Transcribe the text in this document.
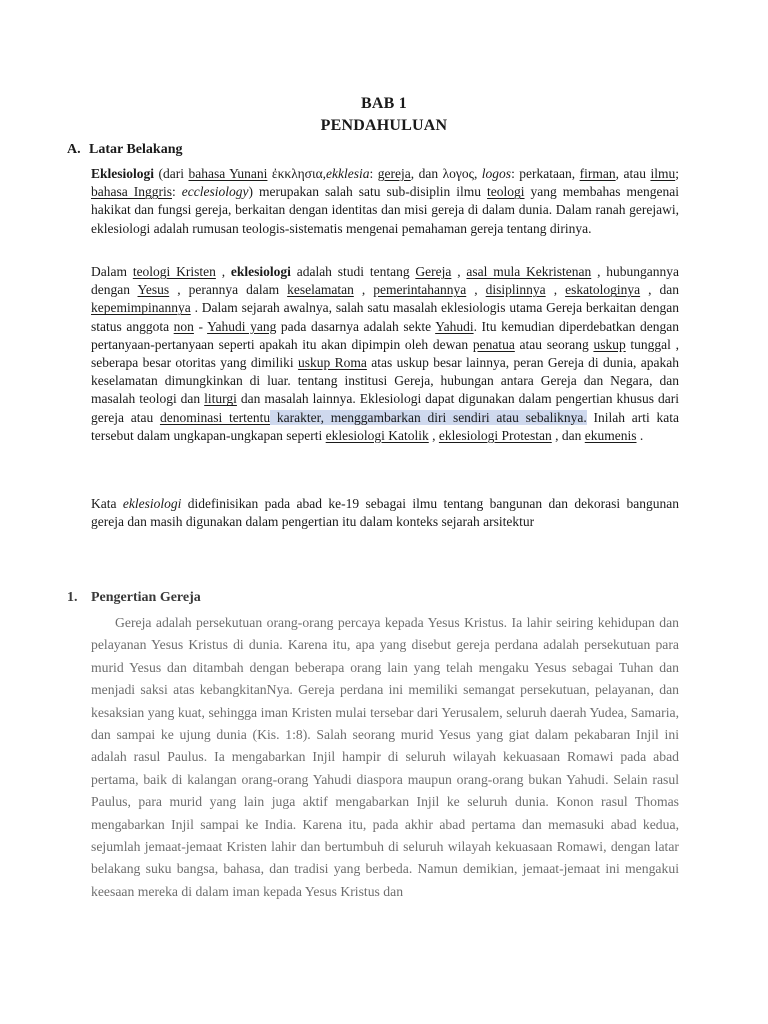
BAB 1
PENDAHULUAN
A. Latar Belakang
Eklesiologi (dari bahasa Yunani ἐκκλησια,ekklesia: gereja, dan λογος, logos: perkataan, firman, atau ilmu; bahasa Inggris: ecclesiology) merupakan salah satu sub-disiplin ilmu teologi yang membahas mengenai hakikat dan fungsi gereja, berkaitan dengan identitas dan misi gereja di dalam dunia. Dalam ranah gerejawi, eklesiologi adalah rumusan teologis-sistematis mengenai pemahaman gereja tentang dirinya.
Dalam teologi Kristen , eklesiologi adalah studi tentang Gereja , asal mula Kekristenan , hubungannya dengan Yesus , perannya dalam keselamatan , pemerintahannya , disiplinnya , eskatologinya , dan kepemimpinannya . Dalam sejarah awalnya, salah satu masalah eklesiologis utama Gereja berkaitan dengan status anggota non - Yahudi yang pada dasarnya adalah sekte Yahudi. Itu kemudian diperdebatkan dengan pertanyaan-pertanyaan seperti apakah itu akan dipimpin oleh dewan penatua atau seorang uskup tunggal , seberapa besar otoritas yang dimiliki uskup Roma atas uskup besar lainnya, peran Gereja di dunia, apakah keselamatan dimungkinkan di luar. tentang institusi Gereja, hubungan antara Gereja dan Negara, dan masalah teologi dan liturgi dan masalah lainnya. Eklesiologi dapat digunakan dalam pengertian khusus dari gereja atau denominasi tertentu karakter, menggambarkan diri sendiri atau sebaliknya. Inilah arti kata tersebut dalam ungkapan-ungkapan seperti eklesiologi Katolik , eklesiologi Protestan , dan ekumenis .
Kata eklesiologi didefinisikan pada abad ke-19 sebagai ilmu tentang bangunan dan dekorasi bangunan gereja dan masih digunakan dalam pengertian itu dalam konteks sejarah arsitektur
1. Pengertian Gereja
Gereja adalah persekutuan orang-orang percaya kepada Yesus Kristus. Ia lahir seiring kehidupan dan pelayanan Yesus Kristus di dunia. Karena itu, apa yang disebut gereja perdana adalah persekutuan para murid Yesus dan ditambah dengan beberapa orang lain yang telah mengaku Yesus sebagai Tuhan dan menjadi saksi atas kebangkitanNya. Gereja perdana ini memiliki semangat persekutuan, pelayanan, dan kesaksian yang kuat, sehingga iman Kristen mulai tersebar dari Yerusalem, seluruh daerah Yudea, Samaria, dan sampai ke ujung dunia (Kis. 1:8). Salah seorang murid Yesus yang giat dalam pekabaran Injil ini adalah rasul Paulus. Ia mengabarkan Injil hampir di seluruh wilayah kekuasaan Romawi pada abad pertama, baik di kalangan orang-orang Yahudi diaspora maupun orang-orang bukan Yahudi. Selain rasul Paulus, para murid yang lain juga aktif mengabarkan Injil ke seluruh dunia. Konon rasul Thomas mengabarkan Injil sampai ke India. Karena itu, pada akhir abad pertama dan memasuki abad kedua, sejumlah jemaat-jemaat Kristen lahir dan bertumbuh di seluruh wilayah kekuasaan Romawi, dengan latar belakang suku bangsa, bahasa, dan tradisi yang berbeda. Namun demikian, jemaat-jemaat ini mengakui keesaan mereka di dalam iman kepada Yesus Kristus dan
